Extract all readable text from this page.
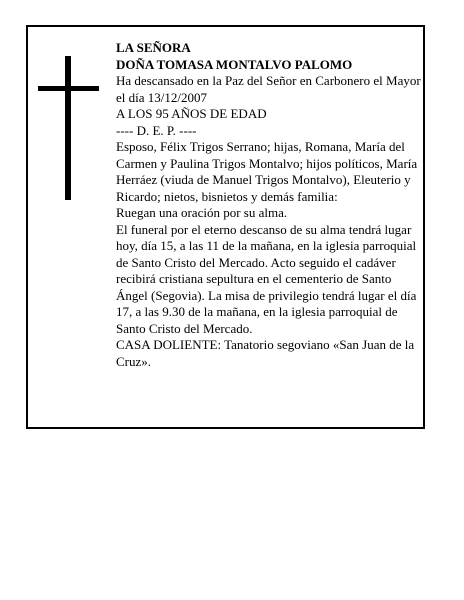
LA SEÑORA

DOÑA TOMASA MONTALVO PALOMO

Ha descansado en la Paz del Señor en Carbonero el Mayor el día 13/12/2007

A LOS 95 AÑOS DE EDAD

---- D. E. P. ----

Esposo, Félix Trigos Serrano; hijas, Romana, María del Carmen y Paulina Trigos Montalvo; hijos políticos, María Herráez (viuda de Manuel Trigos Montalvo), Eleuterio y Ricardo; nietos, bisnietos y demás familia:

Ruegan una oración por su alma.

El funeral por el eterno descanso de su alma tendrá lugar hoy, día 15, a las 11 de la mañana, en la iglesia parroquial de Santo Cristo del Mercado. Acto seguido el cadáver recibirá cristiana sepultura en el cementerio de Santo Ángel (Segovia). La misa de privilegio tendrá lugar el día 17, a las 9.30 de la mañana, en la iglesia parroquial de Santo Cristo del Mercado.

CASA DOLIENTE: Tanatorio segoviano «San Juan de la Cruz».
